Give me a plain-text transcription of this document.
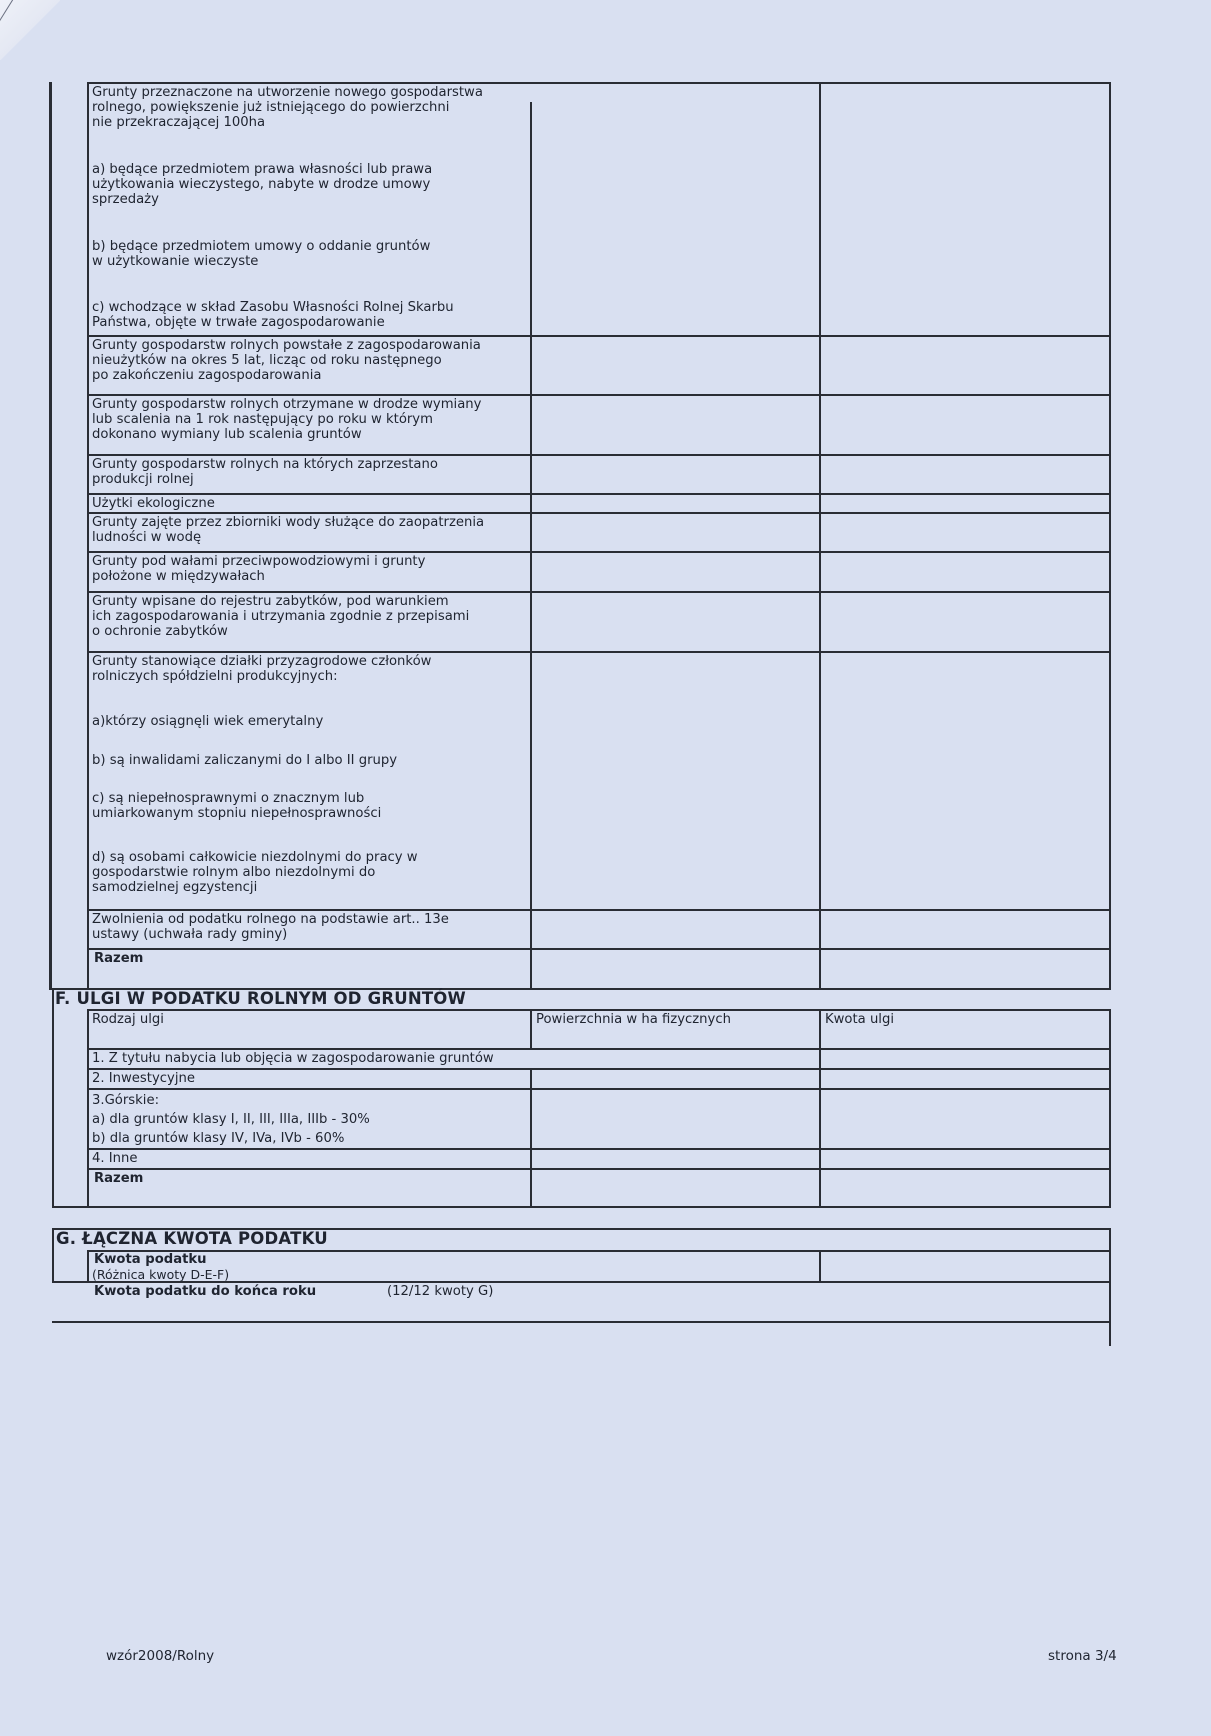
Grunty przeznaczone na utworzenie nowego gospodarstwa
rolnego, powiększenie już istniejącego do powierzchni
nie przekraczającej 100ha
a) będące przedmiotem prawa własności lub prawa
użytkowania wieczystego, nabyte w drodze umowy
sprzedaży
b) będące przedmiotem umowy o oddanie gruntów
w użytkowanie wieczyste
c) wchodzące w skład Zasobu Własności Rolnej Skarbu
Państwa, objęte w trwałe zagospodarowanie
Grunty gospodarstw rolnych powstałe z zagospodarowania
nieużytków na okres 5 lat, licząc od roku następnego
po zakończeniu zagospodarowania
Grunty gospodarstw rolnych otrzymane w drodze wymiany
lub scalenia na 1 rok następujący po roku w którym
dokonano wymiany lub scalenia gruntów
Grunty gospodarstw rolnych na których zaprzestano
produkcji rolnej
Użytki ekologiczne
Grunty zajęte przez zbiorniki wody służące do zaopatrzenia
ludności w wodę
Grunty pod wałami przeciwpowodziowymi i grunty
położone w międzywałach
Grunty wpisane do rejestru zabytków, pod warunkiem
ich zagospodarowania i utrzymania zgodnie z przepisami
o ochronie zabytków
Grunty stanowiące działki przyzagrodowe członków
rolniczych spółdzielni produkcyjnych:
a)którzy osiągnęli wiek emerytalny
b) są inwalidami zaliczanymi do I albo II grupy
c) są niepełnosprawnymi o znacznym lub
umiarkowanym stopniu niepełnosprawności
d) są osobami całkowicie niezdolnymi do pracy w
gospodarstwie rolnym albo niezdolnymi do
samodzielnej egzystencji
Zwolnienia od podatku rolnego na podstawie art.. 13e
ustawy (uchwała rady gminy)
Razem
F. ULGI W PODATKU ROLNYM OD GRUNTÓW
Rodzaj ulgi	Powierzchnia w ha fizycznych	Kwota ulgi
1. Z tytułu nabycia lub objęcia w zagospodarowanie gruntów
2. Inwestycyjne
3.Górskie:
a) dla gruntów klasy I, II, III, IIIa, IIIb - 30%
b) dla gruntów klasy IV, IVa, IVb - 60%
4. Inne
Razem
G. ŁĄCZNA KWOTA PODATKU
Kwota podatku
(Różnica kwoty D-E-F)
Kwota podatku do końca roku	(12/12 kwoty G)
wzór2008/Rolny	strona 3/4
